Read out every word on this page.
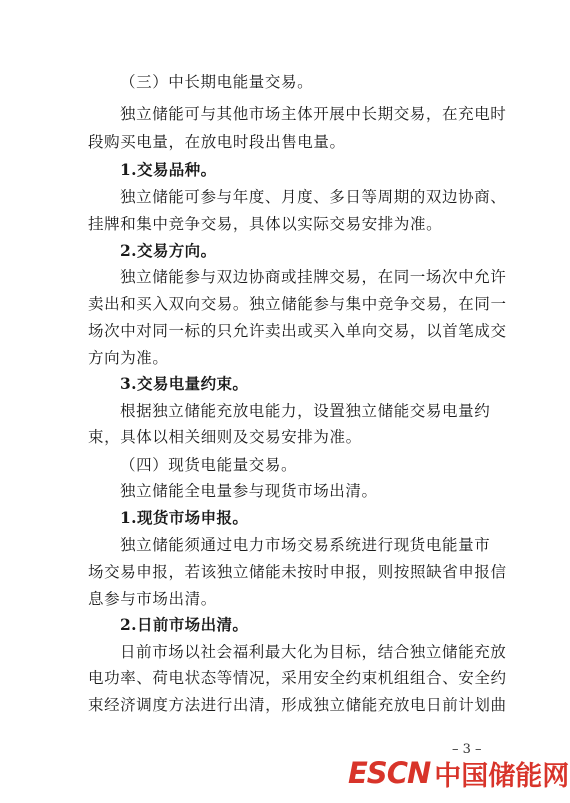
（三）中长期电能量交易。
独立储能可与其他市场主体开展中长期交易，在充电时
段购买电量，在放电时段出售电量。
1.交易品种。
独立储能可参与年度、月度、多日等周期的双边协商、
挂牌和集中竞争交易，具体以实际交易安排为准。
2.交易方向。
独立储能参与双边协商或挂牌交易，在同一场次中允许
卖出和买入双向交易。独立储能参与集中竞争交易，在同一
场次中对同一标的只允许卖出或买入单向交易，以首笔成交
方向为准。
3.交易电量约束。
根据独立储能充放电能力，设置独立储能交易电量约
束，具体以相关细则及交易安排为准。
（四）现货电能量交易。
独立储能全电量参与现货市场出清。
1.现货市场申报。
独立储能须通过电力市场交易系统进行现货电能量市
场交易申报，若该独立储能未按时申报，则按照缺省申报信
息参与市场出清。
2.日前市场出清。
日前市场以社会福利最大化为目标，结合独立储能充放
电功率、荷电状态等情况，采用安全约束机组组合、安全约
束经济调度方法进行出清，形成独立储能充放电日前计划曲
– 3 –
ESCN 中国储能网
